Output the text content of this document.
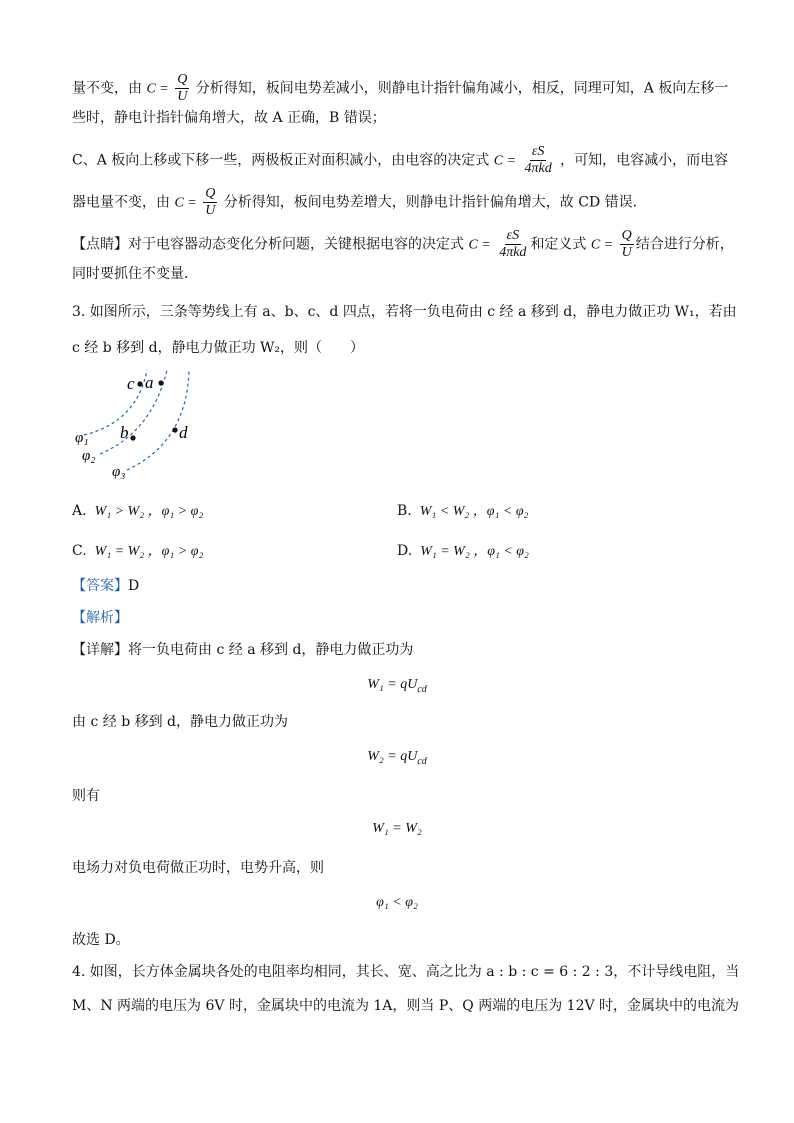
量不变，由 $C = \frac{Q}{U}$ 分析得知，板间电势差减小，则静电计指针偏角减小，相反，同理可知，A 板向左移一
些时，静电计指针偏角增大，故 A 正确，B 错误；
C、A 板向上移或下移一些，两极板正对面积减小，由电容的决定式 $C = \frac{\varepsilon S}{\text{4πkd}}$ ，可知，电容减小，而电容
器电量不变，由 $C = \frac{Q}{U}$ 分析得知，板间电势差增大，则静电计指针偏角增大，故 CD 错误．
【点睛】对于电容器动态变化分析问题，关键根据电容的决定式 $C = \frac{\varepsilon S}{\text{4πkd}}$ 和定义式 $C = \frac{Q}{U}$ 结合进行分析，
同时要抓住不变量．
3. 如图所示，三条等势线上有 a、b、c、d 四点，若将一负电荷由 c 经 a 移到 d，静电力做正功 W₁，若由
c 经 b 移到 d，静电力做正功 W₂，则（　　）
c a
b	d
φ₁
φ₂
φ₃
A. W₁ > W₂ ，φ₁ > φ₂	B. W₁ < W₂ ，φ₁ < φ₂
C. W₁ = W₂ ，φ₁ > φ₂	D. W₁ = W₂ ，φ₁ < φ₂
【答案】D
【解析】
【详解】将一负电荷由 c 经 a 移到 d，静电力做正功为
$W_1 = qU_{cd}$
由 c 经 b 移到 d，静电力做正功为
$W_2 = qU_{cd}$
则有
W₁ = W₂
电场力对负电荷做正功时，电势升高，则
φ₁ < φ₂
故选 D。
4. 如图，长方体金属块各处的电阻率均相同，其长、宽、高之比为 a : b : c = 6 : 2 : 3，不计导线电阻，当
M、N 两端的电压为 6V 时，金属块中的电流为 1A，则当 P、Q 两端的电压为 12V 时，金属块中的电流为
